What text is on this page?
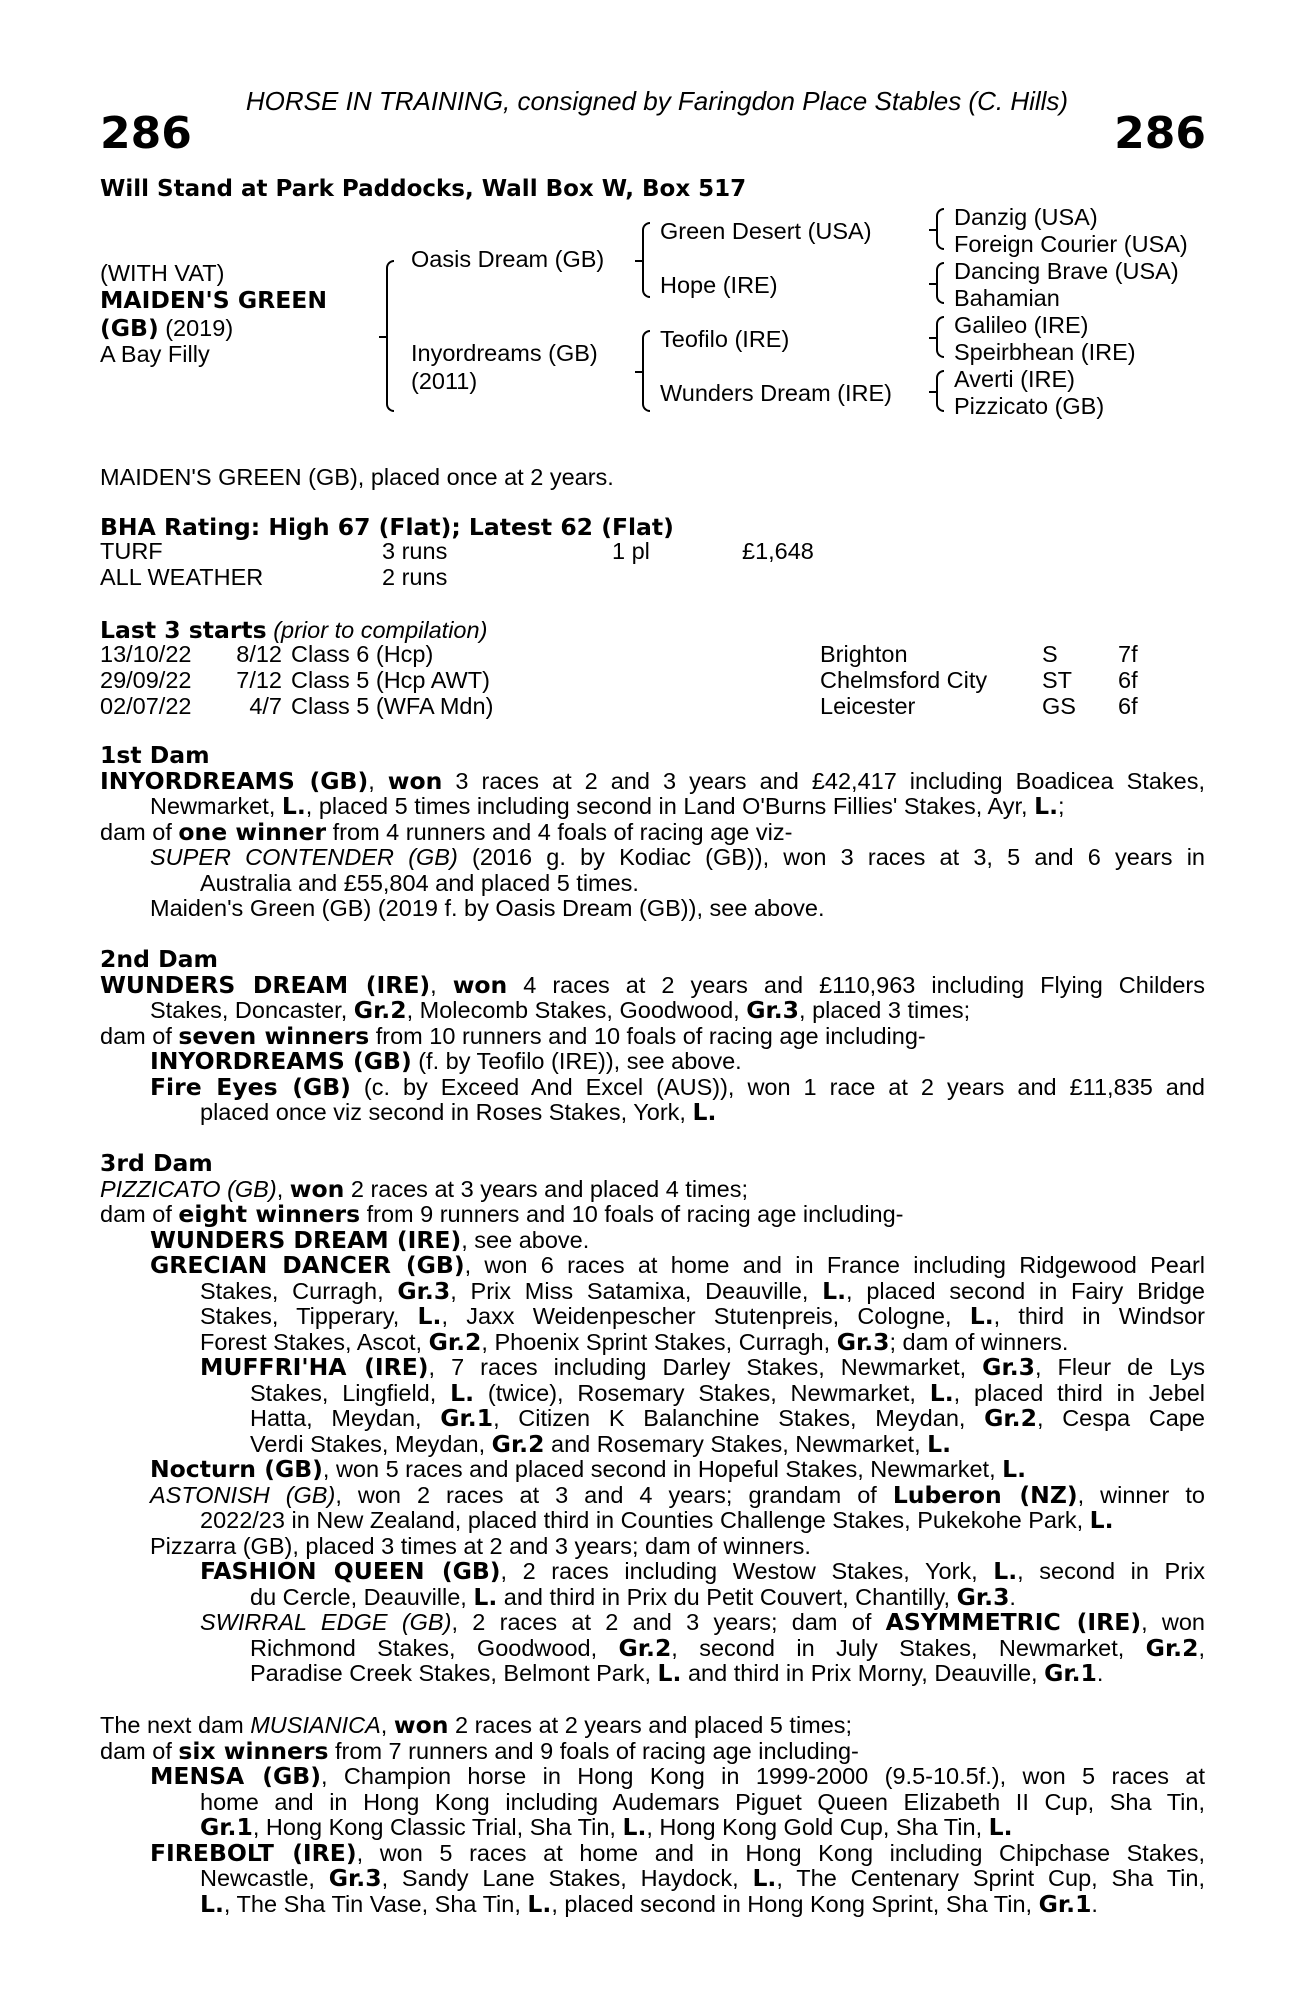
HORSE IN TRAINING, consigned by Faringdon Place Stables (C. Hills)
286	286
Will Stand at Park Paddocks, Wall Box W, Box 517
(WITH VAT)
MAIDEN'S GREEN
(GB) (2019)
A Bay Filly
Oasis Dream (GB)
Inyordreams (GB)
(2011)
Green Desert (USA)
Hope (IRE)
Teofilo (IRE)
Wunders Dream (IRE)
Danzig (USA)
Foreign Courier (USA)
Dancing Brave (USA)
Bahamian
Galileo (IRE)
Speirbhean (IRE)
Averti (IRE)
Pizzicato (GB)
MAIDEN'S GREEN (GB), placed once at 2 years.
BHA Rating: High 67 (Flat); Latest 62 (Flat)
TURF	3 runs	1 pl	£1,648
ALL WEATHER	2 runs
Last 3 starts (prior to compilation)
13/10/22	8/12 Class 6 (Hcp)	Brighton	S	7f
29/09/22	7/12 Class 5 (Hcp AWT)	Chelmsford City ST 6f
02/07/22	4/7 Class 5 (WFA Mdn)	Leicester	GS 6f
1st Dam
INYORDREAMS (GB), won 3 races at 2 and 3 years and £42,417 including Boadicea Stakes,
Newmarket, L., placed 5 times including second in Land O'Burns Fillies' Stakes, Ayr, L.;
dam of one winner from 4 runners and 4 foals of racing age viz-
SUPER CONTENDER (GB) (2016 g. by Kodiac (GB)), won 3 races at 3, 5 and 6 years in
Australia and £55,804 and placed 5 times.
Maiden's Green (GB) (2019 f. by Oasis Dream (GB)), see above.
2nd Dam
WUNDERS DREAM (IRE), won 4 races at 2 years and £110,963 including Flying Childers
Stakes, Doncaster, Gr.2, Molecomb Stakes, Goodwood, Gr.3, placed 3 times;
dam of seven winners from 10 runners and 10 foals of racing age including-
INYORDREAMS (GB) (f. by Teofilo (IRE)), see above.
Fire Eyes (GB) (c. by Exceed And Excel (AUS)), won 1 race at 2 years and £11,835 and
placed once viz second in Roses Stakes, York, L.
3rd Dam
PIZZICATO (GB), won 2 races at 3 years and placed 4 times;
dam of eight winners from 9 runners and 10 foals of racing age including-
WUNDERS DREAM (IRE), see above.
GRECIAN DANCER (GB), won 6 races at home and in France including Ridgewood Pearl
Stakes, Curragh, Gr.3, Prix Miss Satamixa, Deauville, L., placed second in Fairy Bridge
Stakes, Tipperary, L., Jaxx Weidenpescher Stutenpreis, Cologne, L., third in Windsor
Forest Stakes, Ascot, Gr.2, Phoenix Sprint Stakes, Curragh, Gr.3; dam of winners.
MUFFRI'HA (IRE), 7 races including Darley Stakes, Newmarket, Gr.3, Fleur de Lys
Stakes, Lingfield, L. (twice), Rosemary Stakes, Newmarket, L., placed third in Jebel
Hatta, Meydan, Gr.1, Citizen K Balanchine Stakes, Meydan, Gr.2, Cespa Cape
Verdi Stakes, Meydan, Gr.2 and Rosemary Stakes, Newmarket, L.
Nocturn (GB), won 5 races and placed second in Hopeful Stakes, Newmarket, L.
ASTONISH (GB), won 2 races at 3 and 4 years; grandam of Luberon (NZ), winner to
2022/23 in New Zealand, placed third in Counties Challenge Stakes, Pukekohe Park, L.
Pizzarra (GB), placed 3 times at 2 and 3 years; dam of winners.
FASHION QUEEN (GB), 2 races including Westow Stakes, York, L., second in Prix
du Cercle, Deauville, L. and third in Prix du Petit Couvert, Chantilly, Gr.3.
SWIRRAL EDGE (GB), 2 races at 2 and 3 years; dam of ASYMMETRIC (IRE), won
Richmond Stakes, Goodwood, Gr.2, second in July Stakes, Newmarket, Gr.2,
Paradise Creek Stakes, Belmont Park, L. and third in Prix Morny, Deauville, Gr.1.
The next dam MUSIANICA, won 2 races at 2 years and placed 5 times;
dam of six winners from 7 runners and 9 foals of racing age including-
MENSA (GB), Champion horse in Hong Kong in 1999-2000 (9.5-10.5f.), won 5 races at
home and in Hong Kong including Audemars Piguet Queen Elizabeth II Cup, Sha Tin,
Gr.1, Hong Kong Classic Trial, Sha Tin, L., Hong Kong Gold Cup, Sha Tin, L.
FIREBOLT (IRE), won 5 races at home and in Hong Kong including Chipchase Stakes,
Newcastle, Gr.3, Sandy Lane Stakes, Haydock, L., The Centenary Sprint Cup, Sha Tin,
L., The Sha Tin Vase, Sha Tin, L., placed second in Hong Kong Sprint, Sha Tin, Gr.1.
